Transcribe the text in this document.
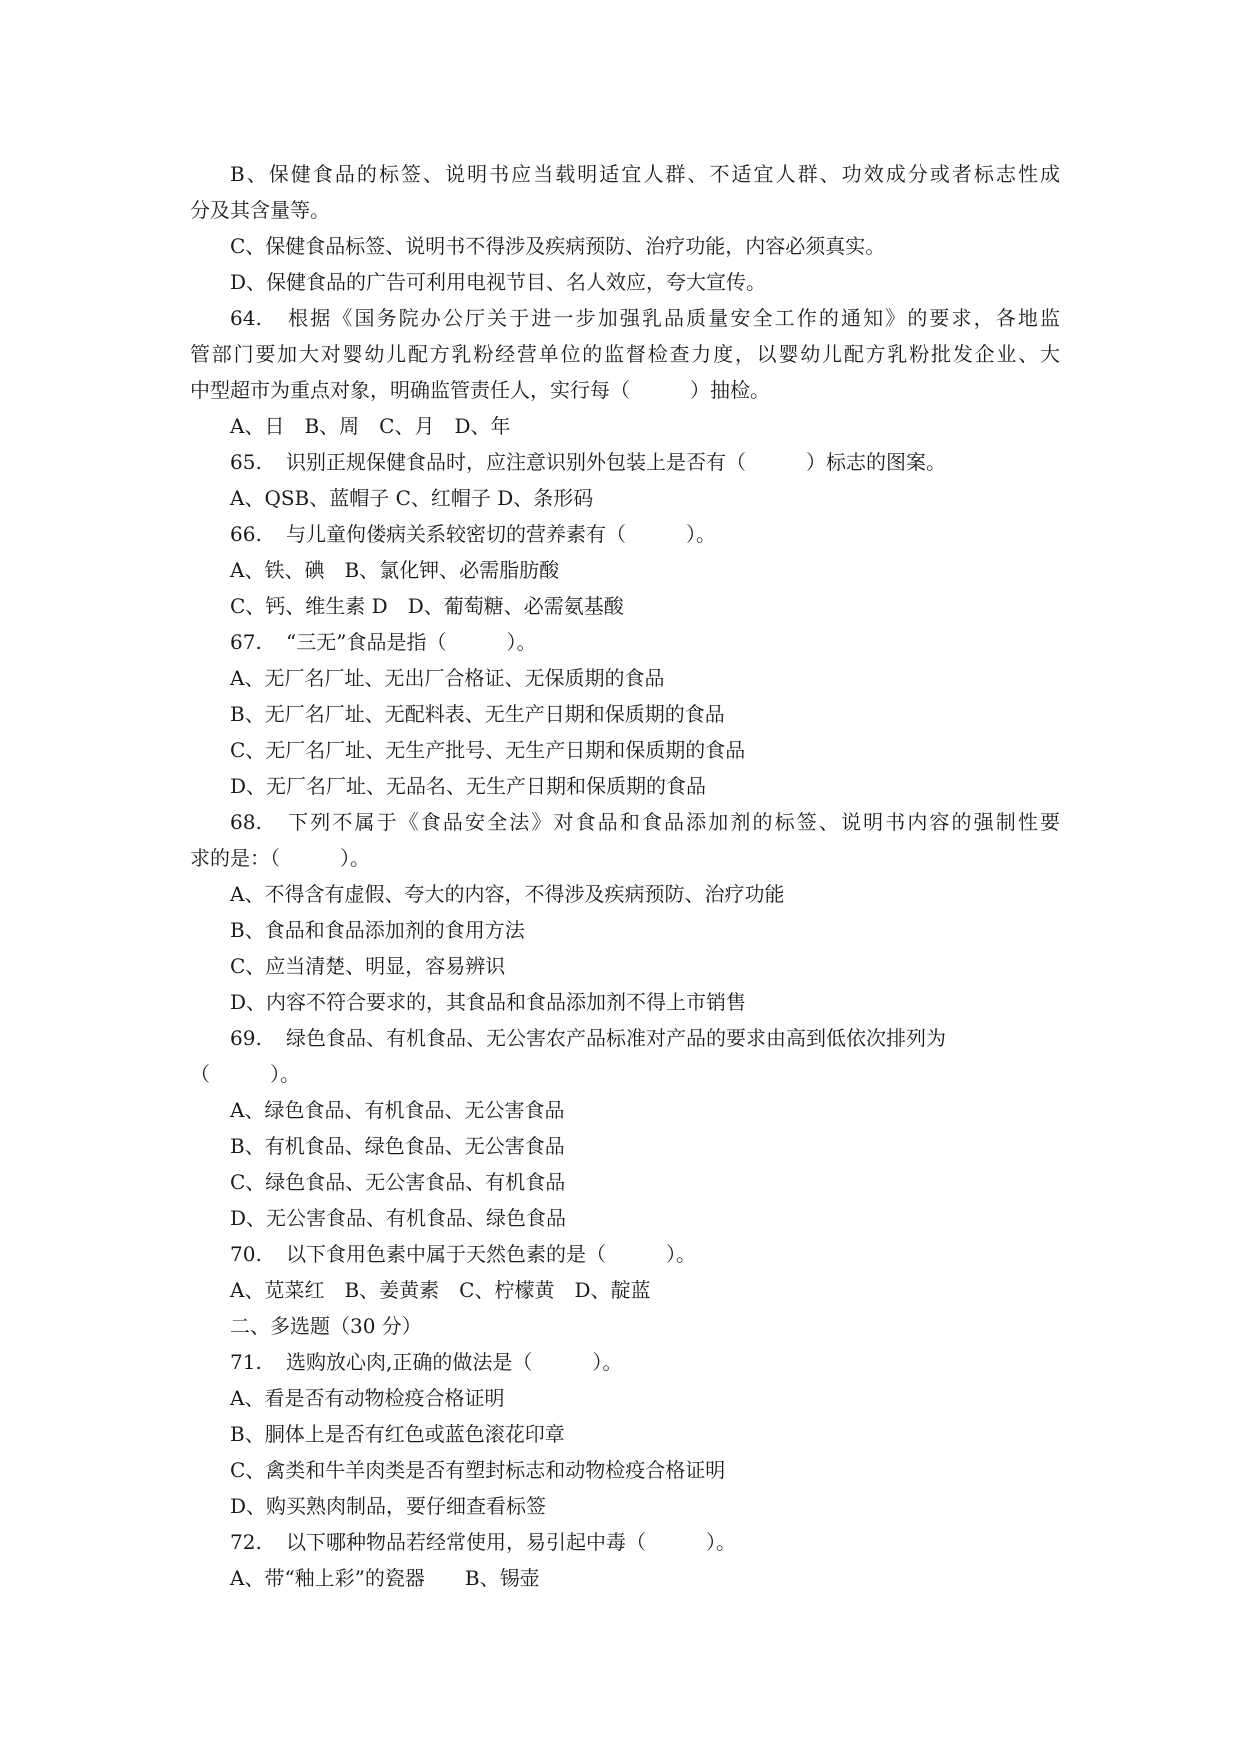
B、保健食品的标签、说明书应当载明适宜人群、不适宜人群、功效成分或者标志性成
分及其含量等。
C、保健食品标签、说明书不得涉及疾病预防、治疗功能，内容必须真实。
D、保健食品的广告可利用电视节目、名人效应，夸大宣传。
64. 根据《国务院办公厅关于进一步加强乳品质量安全工作的通知》的要求，各地监
管部门要加大对婴幼儿配方乳粉经营单位的监督检查力度，以婴幼儿配方乳粉批发企业、大
中型超市为重点对象，明确监管责任人，实行每（　　　）抽检。
A、日　B、周　C、月　D、年
65. 识别正规保健食品时，应注意识别外包装上是否有（　　　）标志的图案。
A、QSB、蓝帽子 C、红帽子 D、条形码
66. 与儿童佝偻病关系较密切的营养素有（　　　）。
A、铁、碘　B、氯化钾、必需脂肪酸
C、钙、维生素 D　D、葡萄糖、必需氨基酸
67. “三无”食品是指（　　　）。
A、无厂名厂址、无出厂合格证、无保质期的食品
B、无厂名厂址、无配料表、无生产日期和保质期的食品
C、无厂名厂址、无生产批号、无生产日期和保质期的食品
D、无厂名厂址、无品名、无生产日期和保质期的食品
68. 下列不属于《食品安全法》对食品和食品添加剂的标签、说明书内容的强制性要
求的是：（　　　）。
A、不得含有虚假、夸大的内容，不得涉及疾病预防、治疗功能
B、食品和食品添加剂的食用方法
C、应当清楚、明显，容易辨识
D、内容不符合要求的，其食品和食品添加剂不得上市销售
69. 绿色食品、有机食品、无公害农产品标准对产品的要求由高到低依次排列为
（　　　）。
A、绿色食品、有机食品、无公害食品
B、有机食品、绿色食品、无公害食品
C、绿色食品、无公害食品、有机食品
D、无公害食品、有机食品、绿色食品
70. 以下食用色素中属于天然色素的是（　　　）。
A、苋菜红　B、姜黄素　C、柠檬黄　D、靛蓝
二、多选题（30 分）
71. 选购放心肉,正确的做法是（　　　）。
A、看是否有动物检疫合格证明
B、胴体上是否有红色或蓝色滚花印章
C、禽类和牛羊肉类是否有塑封标志和动物检疫合格证明
D、购买熟肉制品，要仔细查看标签
72. 以下哪种物品若经常使用，易引起中毒（　　　）。
A、带“釉上彩”的瓷器　　B、锡壶
